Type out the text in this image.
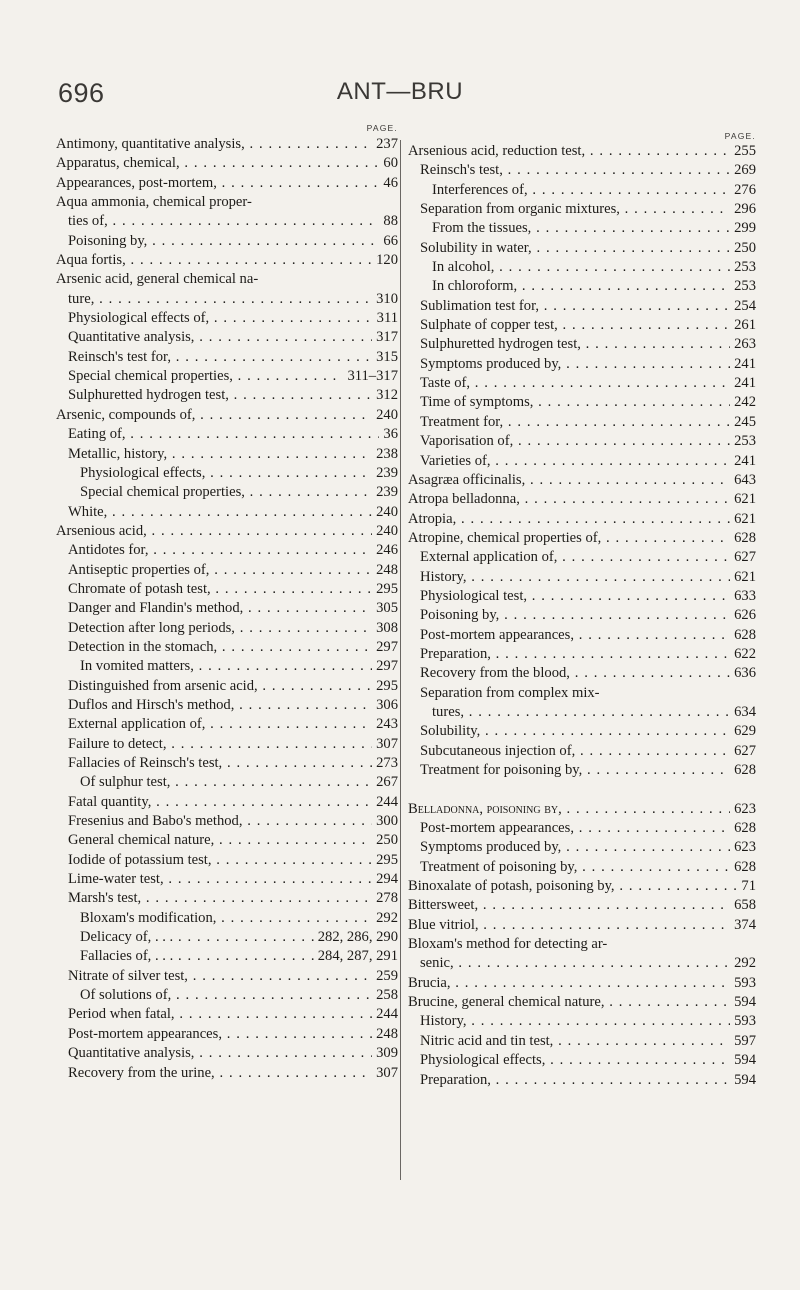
696	ANT—BRU
PAGE.
Antimony, quantitative analysis, . . .	237
Apparatus, chemical, . . .	60
Appearances, post-mortem, . . .	46
Aqua ammonia, chemical proper-
ties of, . . .	88
Poisoning by, . . .	66
Aqua fortis, . . .	120
Arsenic acid, general chemical na-
ture, . . .	310
Physiological effects of, . . .	311
Quantitative analysis, . . .	317
Reinsch's test for, . . .	315
Special chemical properties, . . .	311–317
Sulphuretted hydrogen test, . . .	312
Arsenic, compounds of, . . .	240
Eating of, . . .	36
Metallic, history, . . .	238
Physiological effects, . . .	239
Special chemical properties, . . .	239
White, . . .	240
Arsenious acid, . . .	240
Antidotes for, . . .	246
Antiseptic properties of, . . .	248
Chromate of potash test, . . .	295
Danger and Flandin's method, . . .	305
Detection after long periods, . . .	308
Detection in the stomach, . . .	297
In vomited matters, . . .	297
Distinguished from arsenic acid, . . .	295
Duflos and Hirsch's method, . . .	306
External application of, . . .	243
Failure to detect, . . .	307
Fallacies of Reinsch's test, . . .	273
Of sulphur test, . . .	267
Fatal quantity, . . .	244
Fresenius and Babo's method, . . .	300
General chemical nature, . . .	250
Iodide of potassium test, . . .	295
Lime-water test, . . .	294
Marsh's test, . . .	278
Bloxam's modification, . . .	292
Delicacy of, . . . . . .	282, 286, 290
Fallacies of, . . . . . .	284, 287, 291
Nitrate of silver test, . . .	259
Of solutions of, . . .	258
Period when fatal, . . .	244
Post-mortem appearances, . . .	248
Quantitative analysis, . . .	309
Recovery from the urine, . . .	307
PAGE.
Arsenious acid, reduction test, . . .	255
Reinsch's test, . . .	269
Interferences of, . . .	276
Separation from organic mixtures, . . .	296
From the tissues, . . .	299
Solubility in water, . . .	250
In alcohol, . . .	253
In chloroform, . . .	253
Sublimation test for, . . .	254
Sulphate of copper test, . . .	261
Sulphuretted hydrogen test, . . .	263
Symptoms produced by, . . .	241
Taste of, . . .	241
Time of symptoms, . . .	242
Treatment for, . . .	245
Vaporisation of, . . .	253
Varieties of, . . .	241
Asagræa officinalis, . . .	643
Atropa belladonna, . . .	621
Atropia, . . .	621
Atropine, chemical properties of, . . .	628
External application of, . . .	627
History, . . .	621
Physiological test, . . .	633
Poisoning by, . . .	626
Post-mortem appearances, . . .	628
Preparation, . . .	622
Recovery from the blood, . . .	636
Separation from complex mix-
tures, . . .	634
Solubility, . . .	629
Subcutaneous injection of, . . .	627
Treatment for poisoning by, . . .	628
Belladonna, poisoning by, . . .	623
Post-mortem appearances, . . .	628
Symptoms produced by, . . .	623
Treatment of poisoning by, . . .	628
Binoxalate of potash, poisoning by, . . .	71
Bittersweet, . . .	658
Blue vitriol, . . .	374
Bloxam's method for detecting ar-
senic, . . .	292
Brucia, . . .	593
Brucine, general chemical nature, . . .	594
History, . . .	593
Nitric acid and tin test, . . .	597
Physiological effects, . . .	594
Preparation, . . .	594
